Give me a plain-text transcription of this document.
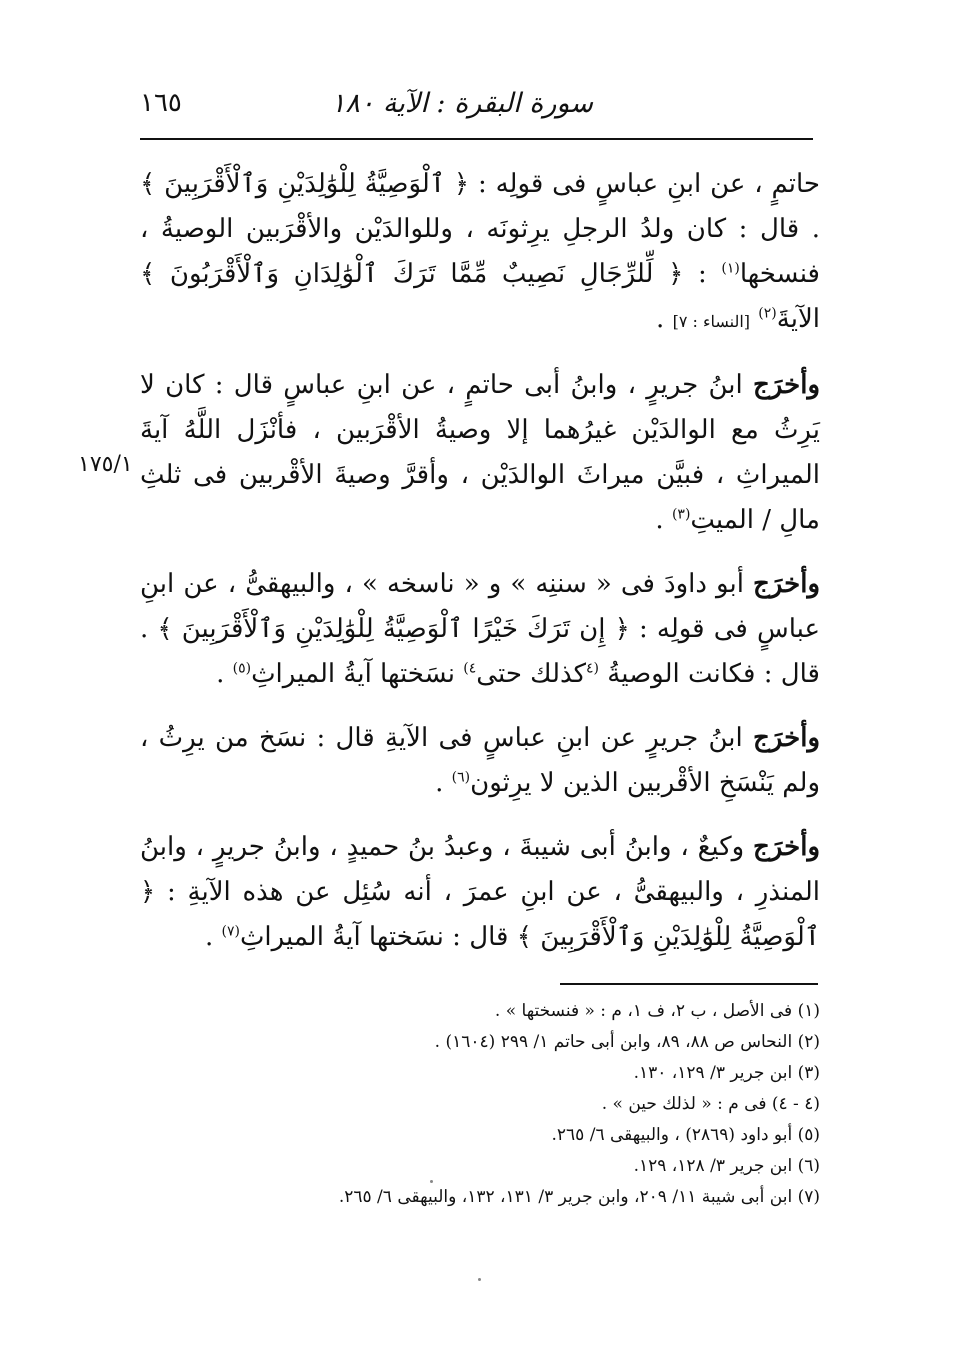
١٦٥	سورة البقرة : الآية ١٨٠
١٧٥/١

حاتمٍ ، عن ابنِ عباسٍ فى قولِه : ﴿ ٱلْوَصِيَّةُ لِلْوَٰلِدَيْنِ وَٱلْأَقْرَبِينَ ﴾ . قال : كان ولدُ الرجلِ يرِثونَه ، وللوالدَيْن والأقْرَبين الوصيةُ ، فنسخها$^{(١)}$ : ﴿ لِّلرِّجَالِ نَصِيبٌ مِّمَّا تَرَكَ ٱلْوَٰلِدَانِ وَٱلْأَقْرَبُونَ ﴾ الآيةَ$^{(٢)}$ [النساء : ٧] .

وأخرَج ابنُ جريرٍ ، وابنُ أبى حاتمٍ ، عن ابنِ عباسٍ قال : كان لا يَرِثُ مع الوالدَيْن غيرُهما إلا وصيةُ الأقْرَبين ، فأنْزَل اللَّهُ آيةَ الميراثِ ، فبيَّن ميراثَ الوالدَيْن ، وأقرَّ وصيةَ الأقْربين فى ثلثِ مالِ / الميتِ$^{(٣)}$ .

وأخرَج أبو داودَ فى « سننِه » و « ناسخه » ، والبيهقىُّ ، عن ابنِ عباسٍ فى قولِه : ﴿ إِن تَرَكَ خَيْرًا ٱلْوَصِيَّةُ لِلْوَٰلِدَيْنِ وَٱلْأَقْرَبِينَ ﴾ . قال : فكانت الوصيةُ $^{(٤}$كذلك حتى$^{٤)}$ نسَختها آيةُ الميراثِ$^{(٥)}$ .

وأخرَج ابنُ جريرٍ عن ابنِ عباسٍ فى الآيةِ قال : نسَخ من يرِثُ ، ولم يَنْسَخِ الأقْربين الذين لا يرِثون$^{(٦)}$ .

وأخرَج وكيعٌ ، وابنُ أبى شيبةَ ، وعبدُ بنُ حميدٍ ، وابنُ جريرٍ ، وابنُ المنذرِ ، والبيهقىُّ ، عن ابنِ عمرَ ، أنه سُئِل عن هذه الآيةِ : ﴿ ٱلْوَصِيَّةُ لِلْوَٰلِدَيْنِ وَٱلْأَقْرَبِينَ ﴾ قال : نسَختها آيةُ الميراثِ$^{(٧)}$ .

(١) فى الأصل ، ب ٢، ف ١، م : « فنسختها » .

(٢) النحاس ص ٨٨، ٨٩، وابن أبى حاتم ١/ ٢٩٩ (١٦٠٤) .

(٣) ابن جرير ٣/ ١٢٩، ١٣٠.

(٤ - ٤) فى م : « لذلك حين » .

(٥) أبو داود (٢٨٦٩) ، والبيهقى ٦/ ٢٦٥.

(٦) ابن جرير ٣/ ١٢٨، ١٢٩.

(٧) ابن أبى شيبة ١١/ ٢٠٩، وابن جرير ٣/ ١٣١، ١٣٢، والبيهقى ٦/ ٢٦٥.
